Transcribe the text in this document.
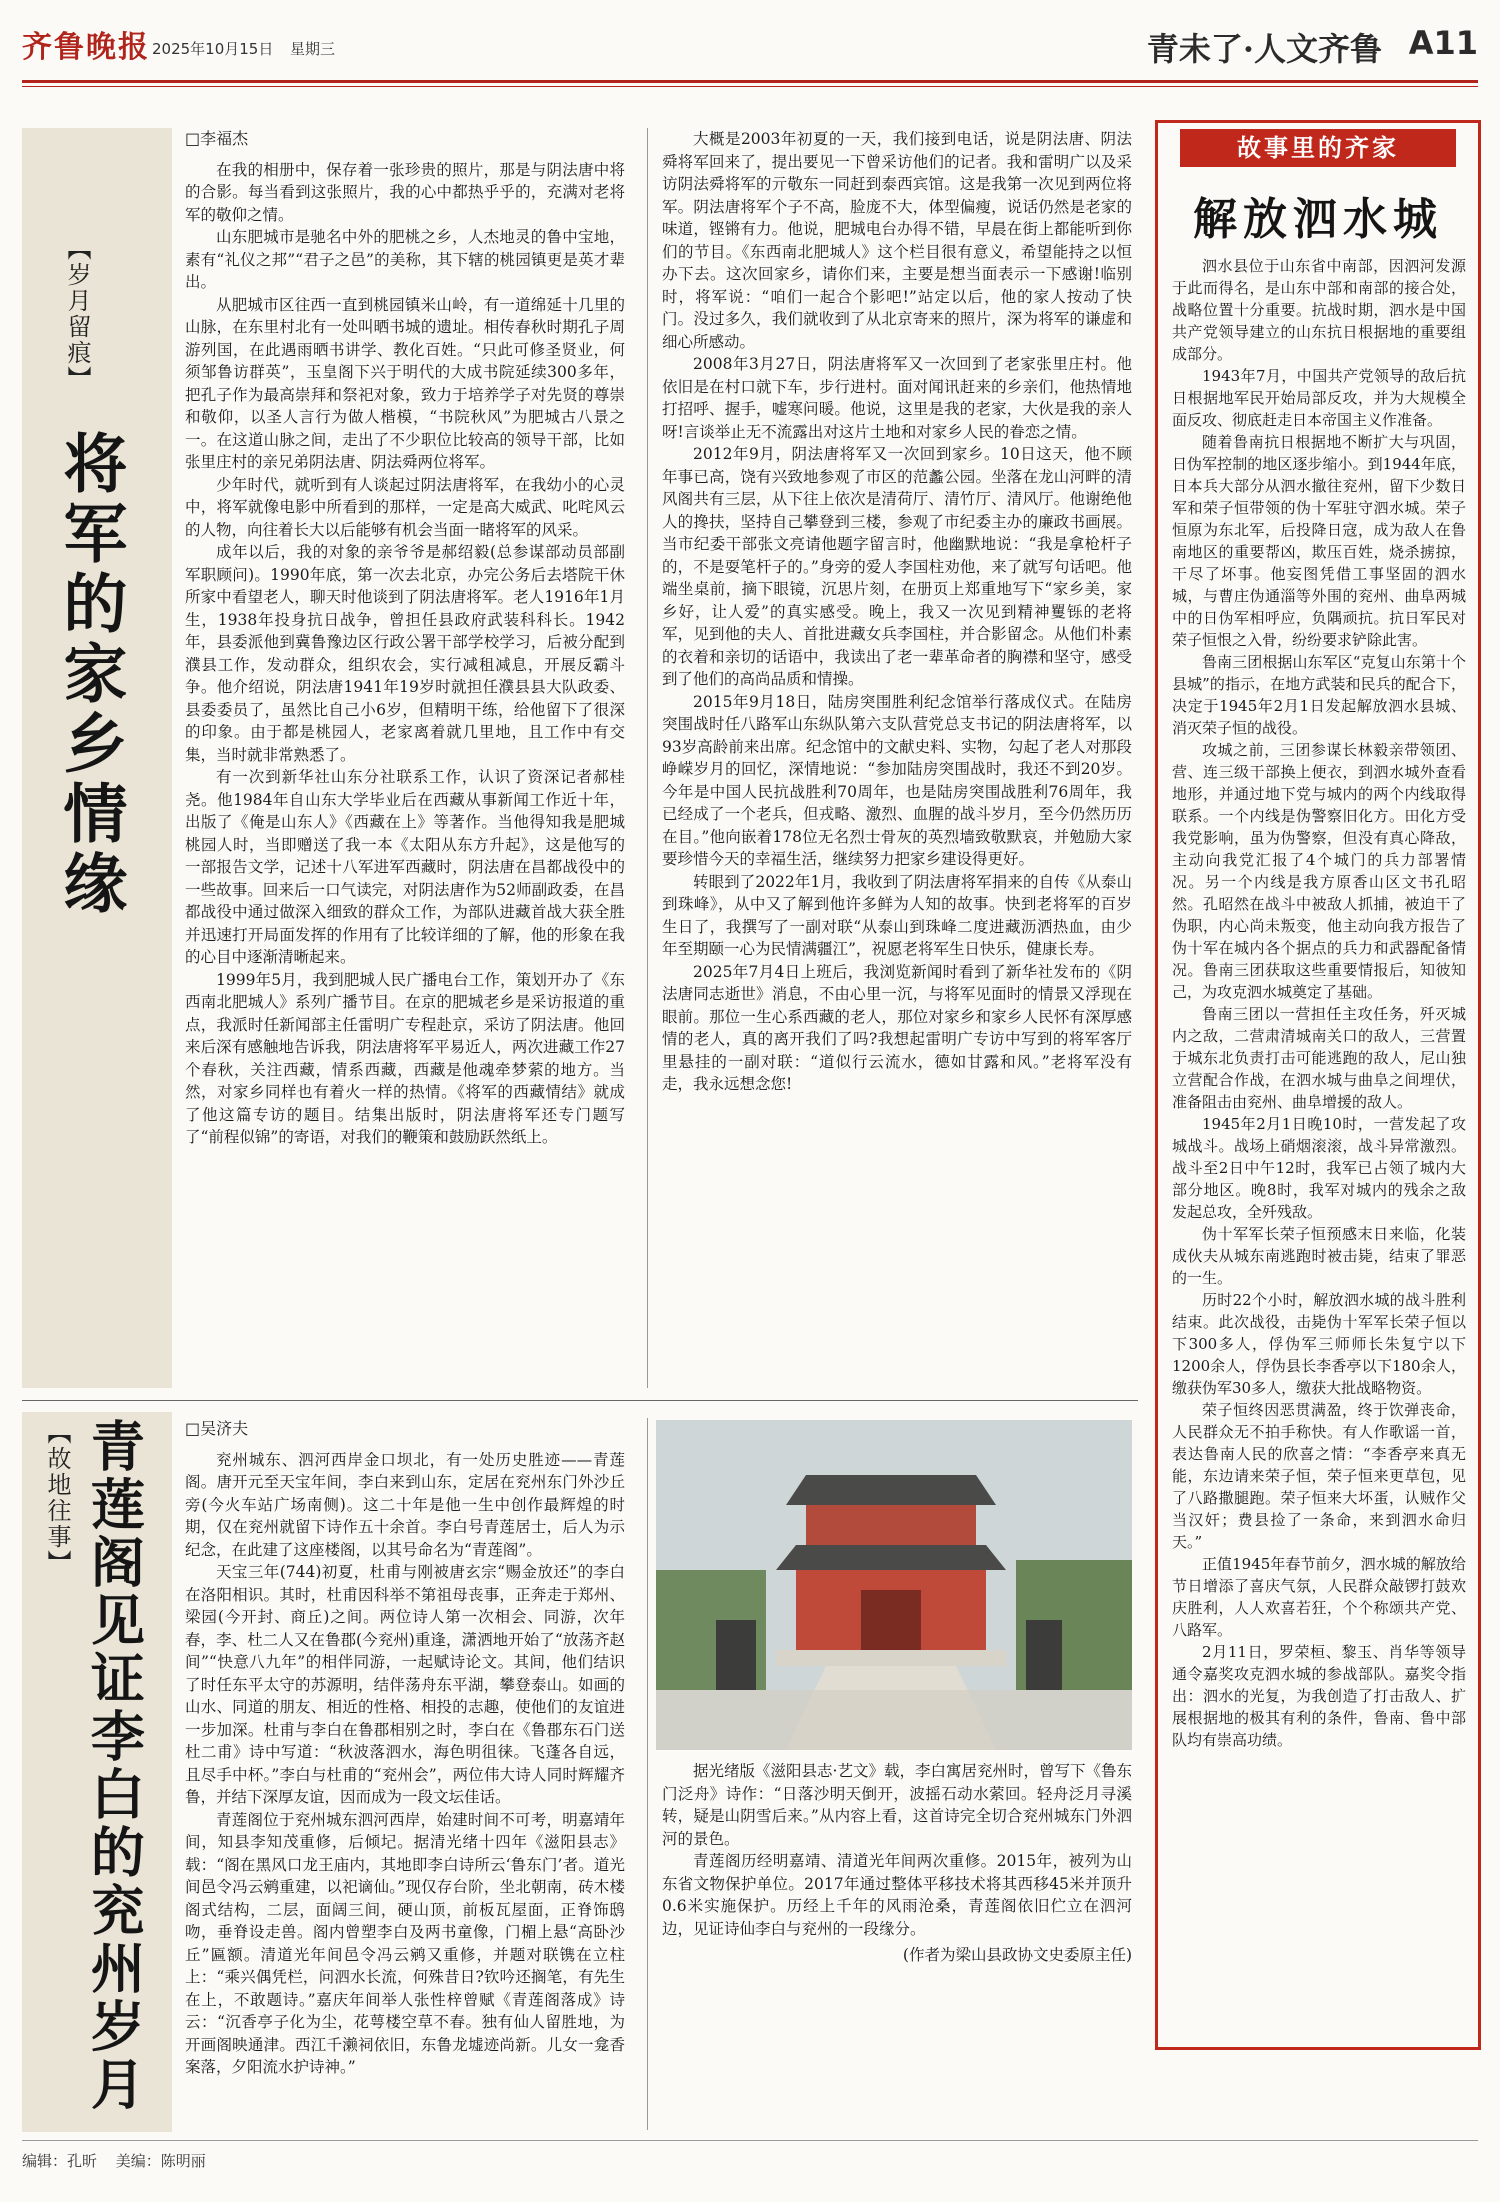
齐鲁晚报 2025年10月15日 星期三	青未了·人文齐鲁 A11
【岁月留痕】
将军的家乡情缘

□李福杰

在我的相册中，保存着一张珍贵的照片，那是与阴法唐中将的合影。每当看到这张照片，我的心中都热乎乎的，充满对老将军的敬仰之情。

山东肥城市是驰名中外的肥桃之乡，人杰地灵的鲁中宝地，素有“礼仪之邦”“君子之邑”的美称，其下辖的桃园镇更是英才辈出。

从肥城市区往西一直到桃园镇米山岭，有一道绵延十几里的山脉，在东里村北有一处叫晒书城的遗址。相传春秋时期孔子周游列国，在此遇雨晒书讲学、教化百姓。“只此可修圣贤业，何须邹鲁访群英”，玉皇阁下兴于明代的大成书院延续300多年，把孔子作为最高崇拜和祭祀对象，致力于培养学子对先贤的尊崇和敬仰，以圣人言行为做人楷模，“书院秋风”为肥城古八景之一。在这道山脉之间，走出了不少职位比较高的领导干部，比如张里庄村的亲兄弟阴法唐、阴法舜两位将军。

少年时代，就听到有人谈起过阴法唐将军，在我幼小的心灵中，将军就像电影中所看到的那样，一定是高大威武、叱咤风云的人物，向往着长大以后能够有机会当面一睹将军的风采。

成年以后，我的对象的亲爷爷是郝绍毅(总参谋部动员部副军职顾问)。1990年底，第一次去北京，办完公务后去塔院干休所家中看望老人，聊天时他谈到了阴法唐将军。老人1916年1月生，1938年投身抗日战争，曾担任县政府武装科科长。1942年，县委派他到冀鲁豫边区行政公署干部学校学习，后被分配到濮县工作，发动群众，组织农会，实行减租减息，开展反霸斗争。他介绍说，阴法唐1941年19岁时就担任濮县县大队政委、县委委员了，虽然比自己小6岁，但精明干练，给他留下了很深的印象。由于都是桃园人，老家离着就几里地，且工作中有交集，当时就非常熟悉了。

有一次到新华社山东分社联系工作，认识了资深记者郝桂尧。他1984年自山东大学毕业后在西藏从事新闻工作近十年，出版了《俺是山东人》《西藏在上》等著作。当他得知我是肥城桃园人时，当即赠送了我一本《太阳从东方升起》，这是他写的一部报告文学，记述十八军进军西藏时，阴法唐在昌都战役中的一些故事。回来后一口气读完，对阴法唐作为52师副政委，在昌都战役中通过做深入细致的群众工作，为部队进藏首战大获全胜并迅速打开局面发挥的作用有了比较详细的了解，他的形象在我的心目中逐渐清晰起来。

1999年5月，我到肥城人民广播电台工作，策划开办了《东西南北肥城人》系列广播节目。在京的肥城老乡是采访报道的重点，我派时任新闻部主任雷明广专程赴京，采访了阴法唐。他回来后深有感触地告诉我，阴法唐将军平易近人，两次进藏工作27个春秋，关注西藏，情系西藏，西藏是他魂牵梦萦的地方。当然，对家乡同样也有着火一样的热情。《将军的西藏情结》就成了他这篇专访的题目。结集出版时，阴法唐将军还专门题写了“前程似锦”的寄语，对我们的鞭策和鼓励跃然纸上。

大概是2003年初夏的一天，我们接到电话，说是阴法唐、阴法舜将军回来了，提出要见一下曾采访他们的记者。我和雷明广以及采访阴法舜将军的亓敬东一同赶到泰西宾馆。这是我第一次见到两位将军。阴法唐将军个子不高，脸庞不大，体型偏瘦，说话仍然是老家的味道，铿锵有力。他说，肥城电台办得不错，早晨在街上都能听到你们的节目。《东西南北肥城人》这个栏目很有意义，希望能持之以恒办下去。这次回家乡，请你们来，主要是想当面表示一下感谢!临别时，将军说：“咱们一起合个影吧!”站定以后，他的家人按动了快门。没过多久，我们就收到了从北京寄来的照片，深为将军的谦虚和细心所感动。

2008年3月27日，阴法唐将军又一次回到了老家张里庄村。他依旧是在村口就下车，步行进村。面对闻讯赶来的乡亲们，他热情地打招呼、握手，嘘寒问暖。他说，这里是我的老家，大伙是我的亲人呀!言谈举止无不流露出对这片土地和对家乡人民的眷恋之情。

2012年9月，阴法唐将军又一次回到家乡。10日这天，他不顾年事已高，饶有兴致地参观了市区的范蠡公园。坐落在龙山河畔的清风阁共有三层，从下往上依次是清荷厅、清竹厅、清风厅。他谢绝他人的搀扶，坚持自己攀登到三楼，参观了市纪委主办的廉政书画展。当市纪委干部张文亮请他题字留言时，他幽默地说：“我是拿枪杆子的，不是耍笔杆子的。”身旁的爱人李国柱劝他，来了就写句话吧。他端坐桌前，摘下眼镜，沉思片刻，在册页上郑重地写下“家乡美，家乡好，让人爱”的真实感受。晚上，我又一次见到精神矍铄的老将军，见到他的夫人、首批进藏女兵李国柱，并合影留念。从他们朴素的衣着和亲切的话语中，我读出了老一辈革命者的胸襟和坚守，感受到了他们的高尚品质和情操。

2015年9月18日，陆房突围胜利纪念馆举行落成仪式。在陆房突围战时任八路军山东纵队第六支队营党总支书记的阴法唐将军，以93岁高龄前来出席。纪念馆中的文献史料、实物，勾起了老人对那段峥嵘岁月的回忆，深情地说：“参加陆房突围战时，我还不到20岁。今年是中国人民抗战胜利70周年，也是陆房突围战胜利76周年，我已经成了一个老兵，但戎略、激烈、血腥的战斗岁月，至今仍然历历在目。”他向嵌着178位无名烈士骨灰的英烈墙致敬默哀，并勉励大家要珍惜今天的幸福生活，继续努力把家乡建设得更好。

转眼到了2022年1月，我收到了阴法唐将军捐来的自传《从泰山到珠峰》，从中又了解到他许多鲜为人知的故事。快到老将军的百岁生日了，我撰写了一副对联“从泰山到珠峰二度进藏沥洒热血，由少年至期颐一心为民情满疆江”，祝愿老将军生日快乐，健康长寿。

2025年7月4日上班后，我浏览新闻时看到了新华社发布的《阴法唐同志逝世》消息，不由心里一沉，与将军见面时的情景又浮现在眼前。那位一生心系西藏的老人，那位对家乡和家乡人民怀有深厚感情的老人，真的离开我们了吗?我想起雷明广专访中写到的将军客厅里悬挂的一副对联：“道似行云流水，德如甘露和风。”老将军没有走，我永远想念您!

【故地往事】 青莲阁见证李白的兖州岁月 □吴济夫

兖州城东、泗河西岸金口坝北，有一处历史胜迹——青莲阁。唐开元至天宝年间，李白来到山东，定居在兖州东门外沙丘旁(今火车站广场南侧)。这二十年是他一生中创作最辉煌的时期，仅在兖州就留下诗作五十余首。李白号青莲居士，后人为示纪念，在此建了这座楼阁，以其号命名为“青莲阁”。

天宝三年(744)初夏，杜甫与刚被唐玄宗“赐金放还”的李白在洛阳相识。其时，杜甫因科举不第祖母丧事，正奔走于郑州、梁园(今开封、商丘)之间。两位诗人第一次相会、同游，次年春，李、杜二人又在鲁郡(今兖州)重逢，潇洒地开始了“放荡齐赵间”“快意八九年”的相伴同游，一起赋诗论文。其间，他们结识了时任东平太守的苏源明，结伴荡舟东平湖，攀登泰山。如画的山水、同道的朋友、相近的性格、相投的志趣，使他们的友谊进一步加深。杜甫与李白在鲁郡相别之时，李白在《鲁郡东石门送杜二甫》诗中写道：“秋波落泗水，海色明徂徕。飞蓬各自远，且尽手中杯。”李白与杜甫的“兖州会”，两位伟大诗人同时辉耀齐鲁，并结下深厚友谊，因而成为一段文坛佳话。

青莲阁位于兖州城东泗河西岸，始建时间不可考，明嘉靖年间，知县李知茂重修，后倾圮。据清光绪十四年《滋阳县志》载：“阁在黑风口龙王庙内，其地即李白诗所云‘鲁东门’者。道光间邑令冯云鹓重建，以祀谪仙。”现仅存台阶，坐北朝南，砖木楼阁式结构，二层，面阔三间，硬山顶，前板瓦屋面，正脊饰鸱吻，垂脊设走兽。阁内曾塑李白及两书童像，门楣上悬“高卧沙丘”匾额。清道光年间邑令冯云鹓又重修，并题对联镌在立柱上：“乘兴偶凭栏，问泗水长流，何殊昔日?钦吟还搁笔，有先生在上，不敢题诗。”嘉庆年间举人张性梓曾赋《青莲阁落成》诗云：“沉香亭子化为尘，花萼楼空草不春。独有仙人留胜地，为开画阁映通津。西江千濑祠依旧，东鲁龙墟迹尚新。儿女一龛香案落，夕阳流水护诗神。”

据光绪版《滋阳县志·艺文》载，李白寓居兖州时，曾写下《鲁东门泛舟》诗作：“日落沙明天倒开，波摇石动水萦回。轻舟泛月寻溪转，疑是山阴雪后来。”从内容上看，这首诗完全切合兖州城东门外泗河的景色。

青莲阁历经明嘉靖、清道光年间两次重修。2015年，被列为山东省文物保护单位。2017年通过整体平移技术将其西移45米并顶升0.6米实施保护。历经上千年的风雨沧桑，青莲阁依旧伫立在泗河边，见证诗仙李白与兖州的一段缘分。

(作者为梁山县政协文史委原主任)

故事里的齐家
解放泗水城

泗水县位于山东省中南部，因泗河发源于此而得名，是山东中部和南部的接合处，战略位置十分重要。抗战时期，泗水是中国共产党领导建立的山东抗日根据地的重要组成部分。

1943年7月，中国共产党领导的敌后抗日根据地军民开始局部反攻，并为大规模全面反攻、彻底赶走日本帝国主义作准备。

随着鲁南抗日根据地不断扩大与巩固，日伪军控制的地区逐步缩小。到1944年底，日本兵大部分从泗水撤往兖州，留下少数日军和荣子恒带领的伪十军驻守泗水城。荣子恒原为东北军，后投降日寇，成为敌人在鲁南地区的重要帮凶，欺压百姓，烧杀掳掠，干尽了坏事。他妄图凭借工事坚固的泗水城，与曹庄伪通淄等外围的兖州、曲阜两城中的日伪军相呼应，负隅顽抗。抗日军民对荣子恒恨之入骨，纷纷要求铲除此害。

鲁南三团根据山东军区“克复山东第十个县城”的指示，在地方武装和民兵的配合下，决定于1945年2月1日发起解放泗水县城、消灭荣子恒的战役。

攻城之前，三团参谋长林毅亲带领团、营、连三级干部换上便衣，到泗水城外查看地形，并通过地下党与城内的两个内线取得联系。一个内线是伪警察旧化方。田化方受我党影响，虽为伪警察，但没有真心降敌，主动向我党汇报了4个城门的兵力部署情况。另一个内线是我方原香山区文书孔昭然。孔昭然在战斗中被敌人抓捕，被迫干了伪职，内心尚未叛变，他主动向我方报告了伪十军在城内各个据点的兵力和武器配备情况。鲁南三团获取这些重要情报后，知彼知己，为攻克泗水城奠定了基础。

鲁南三团以一营担任主攻任务，歼灭城内之敌，二营肃清城南关口的敌人，三营置于城东北负责打击可能逃跑的敌人，尼山独立营配合作战，在泗水城与曲阜之间埋伏，准备阻击由兖州、曲阜增援的敌人。

1945年2月1日晚10时，一营发起了攻城战斗。战场上硝烟滚滚，战斗异常激烈。战斗至2日中午12时，我军已占领了城内大部分地区。晚8时，我军对城内的残余之敌发起总攻，全歼残敌。

伪十军军长荣子恒预感末日来临，化装成伙夫从城东南逃跑时被击毙，结束了罪恶的一生。

历时22个小时，解放泗水城的战斗胜利结束。此次战役，击毙伪十军军长荣子恒以下300多人，俘伪军三师师长朱复宁以下1200余人，俘伪县长李香亭以下180余人，缴获伪军30多人，缴获大批战略物资。

荣子恒终因恶贯满盈，终于饮弹丧命，人民群众无不拍手称快。有人作歌谣一首，表达鲁南人民的欣喜之情：“李香亭来真无能，东边请来荣子恒，荣子恒来更草包，见了八路撒腿跑。荣子恒来大坏蛋，认贼作父当汉奸；费县捡了一条命，来到泗水命归天。”

正值1945年春节前夕，泗水城的解放给节日增添了喜庆气氛，人民群众敲锣打鼓欢庆胜利，人人欢喜若狂，个个称颂共产党、八路军。

2月11日，罗荣桓、黎玉、肖华等领导通令嘉奖攻克泗水城的参战部队。嘉奖令指出：泗水的光复，为我创造了打击敌人、扩展根据地的极其有利的条件，鲁南、鲁中部队均有崇高功绩。

编辑：孔昕 美编：陈明丽
